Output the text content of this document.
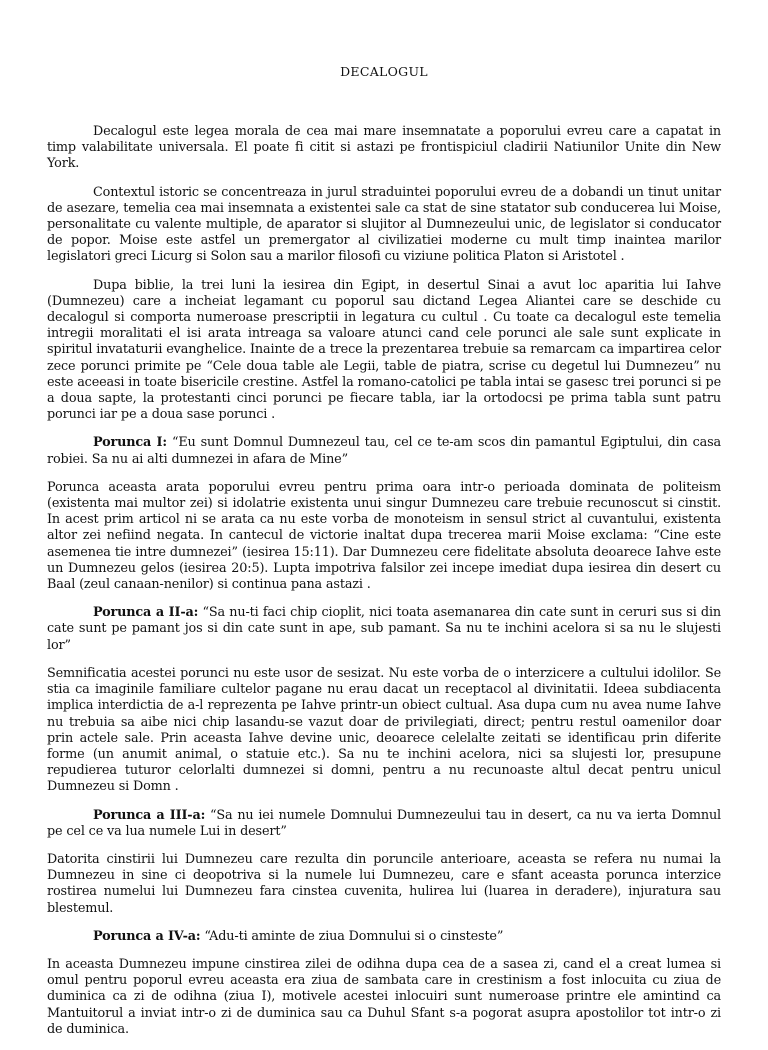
DECALOGUL

Decalogul este legea morala de cea mai mare insemnatate a poporului evreu care a capatat in timp valabilitate universala. El poate fi citit si astazi pe frontispiciul cladirii Natiunilor Unite din New York.

Contextul istoric se concentreaza in jurul straduintei poporului evreu de a dobandi un tinut unitar de asezare, temelia cea mai insemnata a existentei sale ca stat de sine statator sub conducerea lui Moise, personalitate cu valente multiple, de aparator si slujitor al Dumnezeului unic, de legislator si conducator de popor. Moise este astfel un premergator al civilizatiei moderne cu mult timp inaintea marilor legislatori greci Licurg si Solon sau a marilor filosofi cu viziune politica Platon si Aristotel .

Dupa biblie, la trei luni la iesirea din Egipt, in desertul Sinai a avut loc aparitia lui Iahve (Dumnezeu) care a incheiat legamant cu poporul sau dictand Legea Aliantei care se deschide cu decalogul si comporta numeroase prescriptii in legatura cu cultul . Cu toate ca decalogul este temelia intregii moralitati el isi arata intreaga sa valoare atunci cand cele porunci ale sale sunt explicate in spiritul invataturii evanghelice. Inainte de a trece la prezentarea trebuie sa remarcam ca impartirea celor zece porunci primite pe “Cele doua table ale Legii, table de piatra, scrise cu degetul lui Dumnezeu” nu este aceeasi in toate bisericile crestine. Astfel la romano-catolici pe tabla intai se gasesc trei porunci si pe a doua sapte, la protestanti cinci porunci pe fiecare tabla, iar la ortodocsi pe prima tabla sunt patru porunci iar pe a doua sase porunci .

Porunca I: “Eu sunt Domnul Dumnezeul tau, cel ce te-am scos din pamantul Egiptului, din casa robiei. Sa nu ai alti dumnezei in afara de Mine”

Porunca aceasta arata poporului evreu pentru prima oara intr-o perioada dominata de politeism (existenta mai multor zei) si idolatrie existenta unui singur Dumnezeu care trebuie recunoscut si cinstit. In acest prim articol ni se arata ca nu este vorba de monoteism in sensul strict al cuvantului, existenta altor zei nefiind negata. In cantecul de victorie inaltat dupa trecerea marii Moise exclama: “Cine este asemenea tie intre dumnezei” (iesirea 15:11). Dar Dumnezeu cere fidelitate absoluta deoarece Iahve este un Dumnezeu gelos (iesirea 20:5). Lupta impotriva falsilor zei incepe imediat dupa iesirea din desert cu Baal (zeul canaan-nenilor) si continua pana astazi .

Porunca a II-a: “Sa nu-ti faci chip cioplit, nici toata asemanarea din cate sunt in ceruri sus si din cate sunt pe pamant jos si din cate sunt in ape, sub pamant. Sa nu te inchini acelora si sa nu le slujesti lor”

Semnificatia acestei porunci nu este usor de sesizat. Nu este vorba de o interzicere a cultului idolilor. Se stia ca imaginile familiare cultelor pagane nu erau dacat un receptacol al divinitatii. Ideea subdiacenta implica interdictia de a-l reprezenta pe Iahve printr-un obiect cultual. Asa dupa cum nu avea nume Iahve nu trebuia sa aibe nici chip lasandu-se vazut doar de privilegiati, direct; pentru restul oamenilor doar prin actele sale. Prin aceasta Iahve devine unic, deoarece celelalte zeitati se identificau prin diferite forme (un anumit animal, o statuie etc.). Sa nu te inchini acelora, nici sa slujesti lor, presupune repudierea tuturor celorlalti dumnezei si domni, pentru a nu recunoaste altul decat pentru unicul Dumnezeu si Domn .

Porunca a III-a: “Sa nu iei numele Domnului Dumnezeului tau in desert, ca nu va ierta Domnul pe cel ce va lua numele Lui in desert”

Datorita cinstirii lui Dumnezeu care rezulta din poruncile anterioare, aceasta se refera nu numai la Dumnezeu in sine ci deopotriva si la numele lui Dumnezeu, care e sfant aceasta porunca interzice rostirea numelui lui Dumnezeu fara cinstea cuvenita, hulirea lui (luarea in deradere), injuratura sau blestemul.

Porunca a IV-a: “Adu-ti aminte de ziua Domnului si o cinsteste”

In aceasta Dumnezeu impune cinstirea zilei de odihna dupa cea de a sasea zi, cand el a creat lumea si omul pentru poporul evreu aceasta era ziua de sambata care in crestinism a fost inlocuita cu ziua de duminica ca zi de odihna (ziua I), motivele acestei inlocuiri sunt numeroase printre ele amintind ca Mantuitorul a inviat intr-o zi de duminica sau ca Duhul Sfant s-a pogorat asupra apostolilor tot intr-o zi de duminica.
